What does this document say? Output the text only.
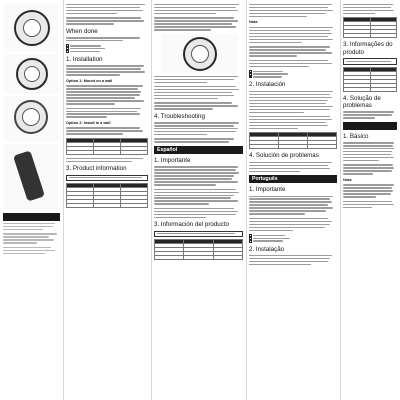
When done
1. Installation
Option 1: Mount on a wall
Option 2: Install in a wall

3. Product information

4. Troubleshooting
Español
1. Importante
3. Información del producto

Nota
2. Instalación

4. Solución de problemas
Português
1. Importante
2. Instalação

3. Informações do produto

4. Solução de problemas
1. Básico
Nota
